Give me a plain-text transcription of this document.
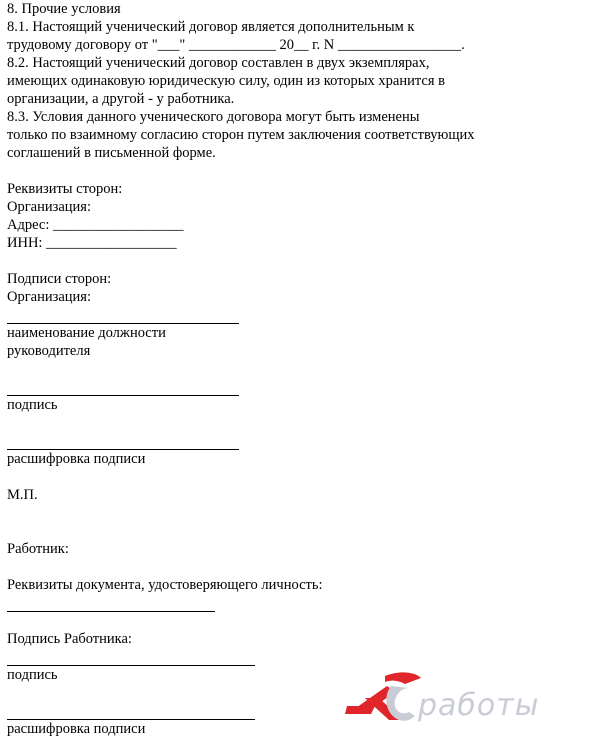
8. Прочие условия
8.1. Настоящий ученический договор является дополнительным к
трудовому договору от "___" ____________ 20__ г. N _________________.
8.2. Настоящий ученический договор составлен в двух экземплярах,
имеющих одинаковую юридическую силу, один из которых хранится в
организации, а другой - у работника.
8.3. Условия данного ученического договора могут быть изменены
только по взаимному согласию сторон путем заключения соответствующих
соглашений в письменной форме.
Реквизиты сторон:
Организация:
Адрес: __________________
ИНН: __________________
Подписи сторон:
Организация:
наименование должности
руководителя
подпись
расшифровка подписи
М.П.
Работник:
Реквизиты документа, удостоверяющего личность:
Подпись Работника:
подпись
расшифровка подписи
работы
